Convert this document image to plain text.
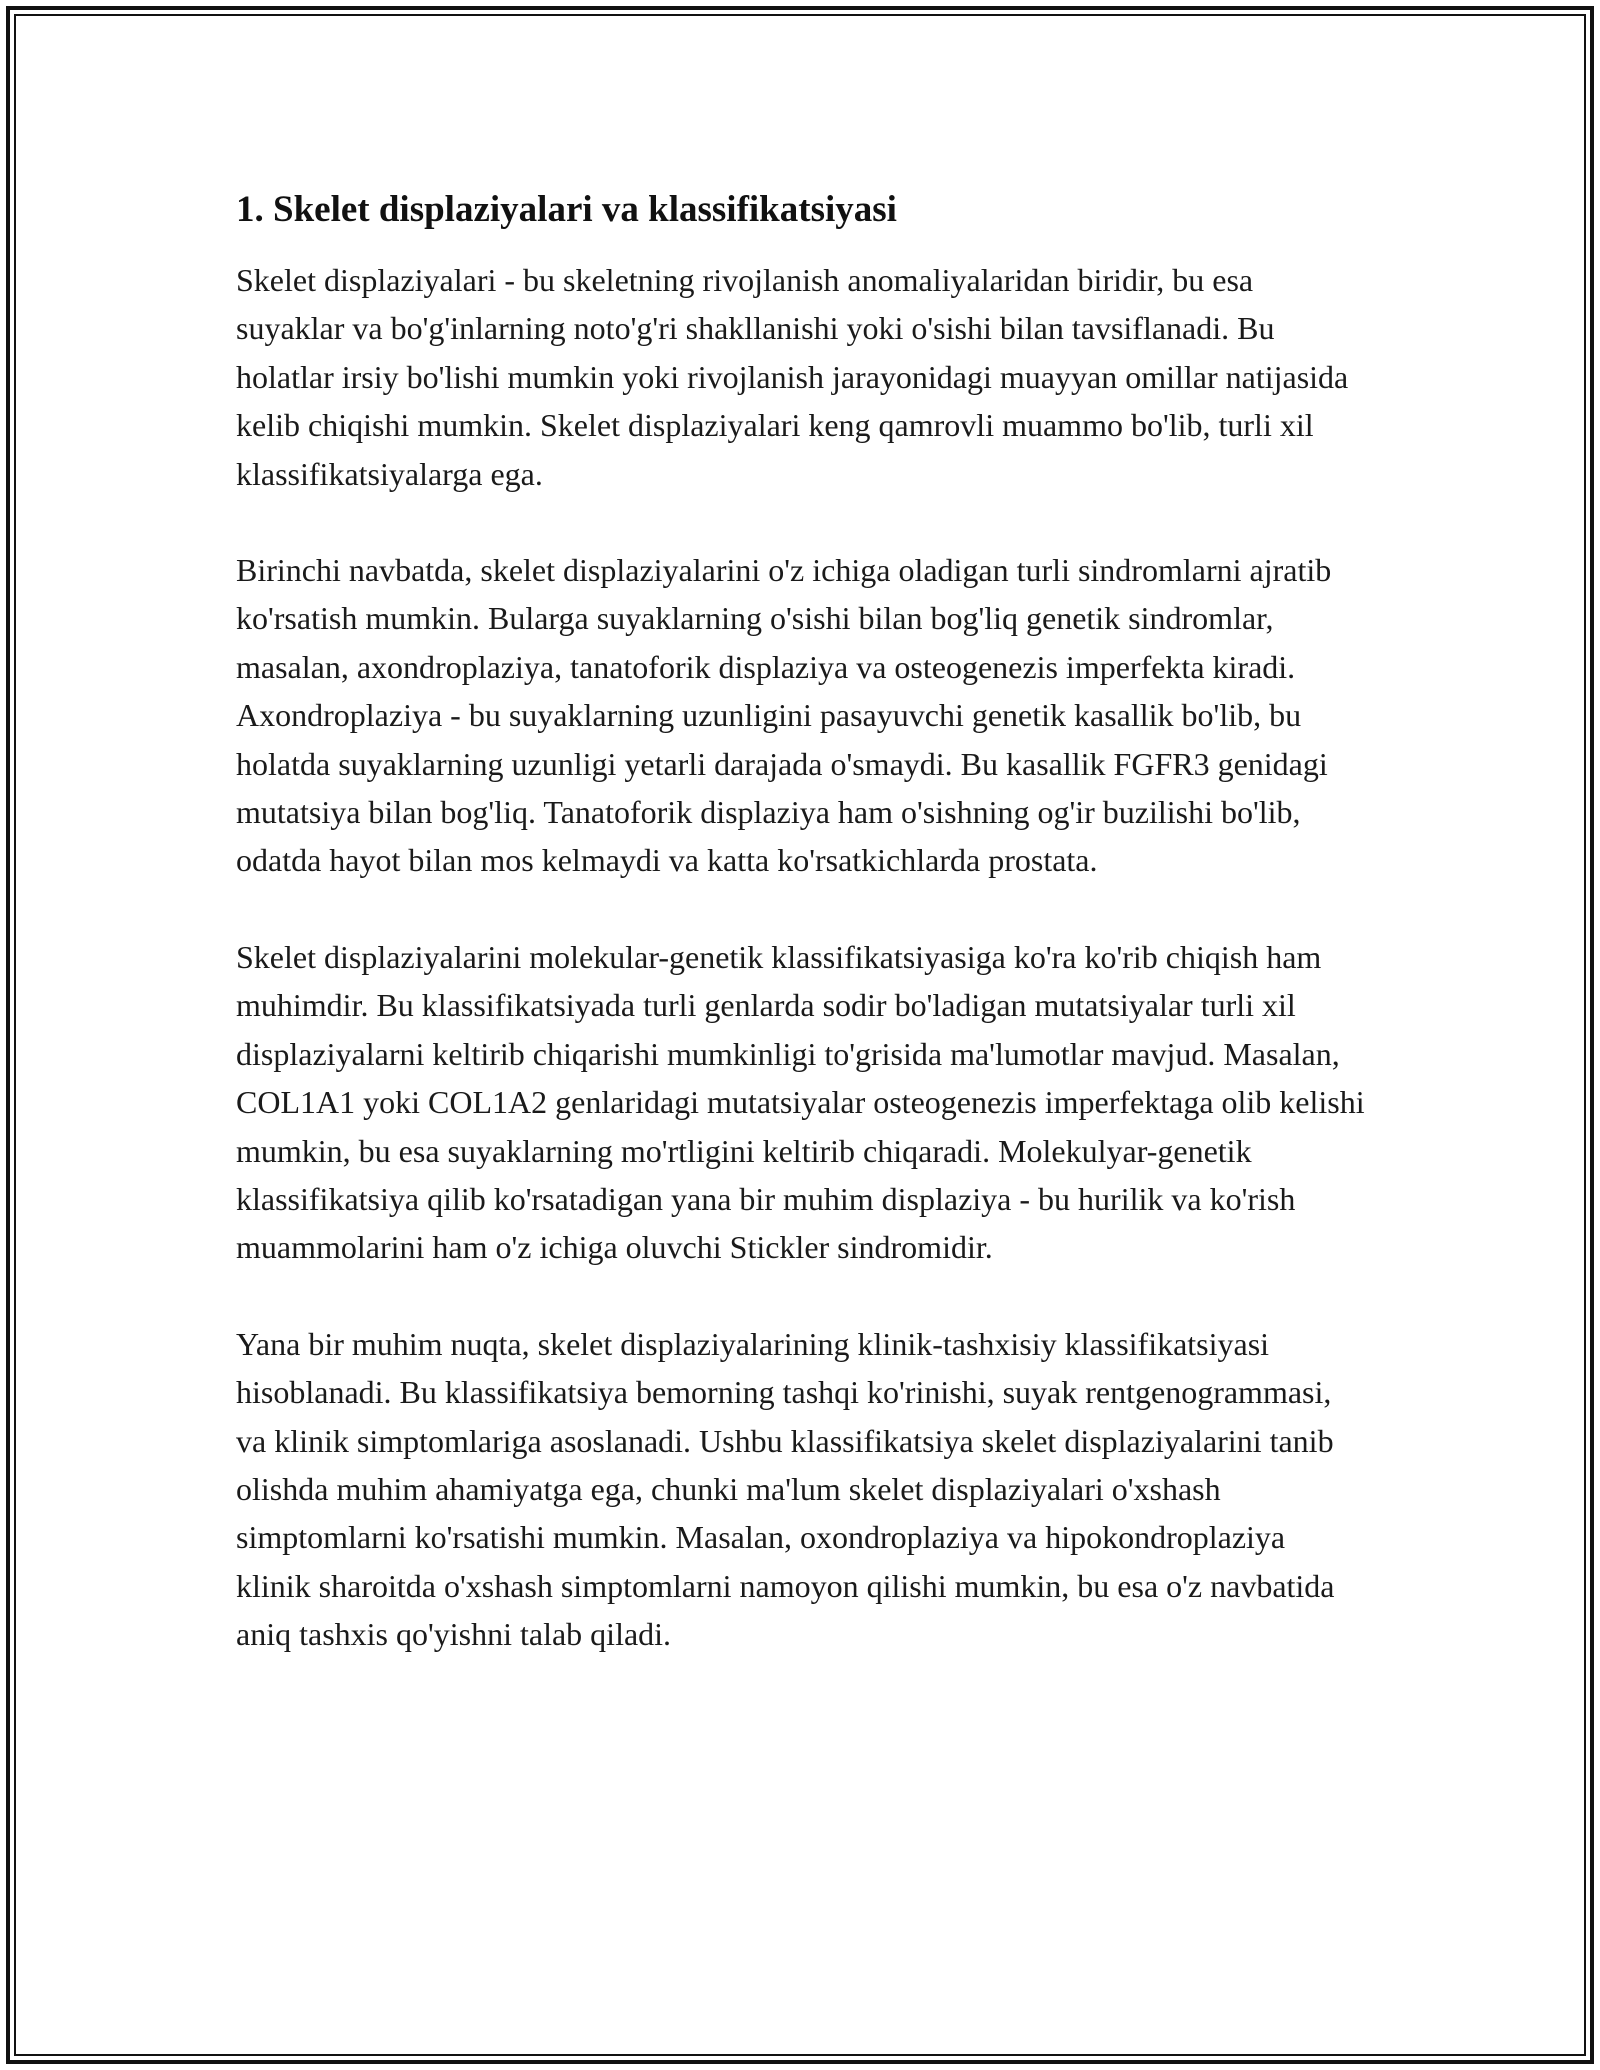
1. Skelet displaziyalari va klassifikatsiyasi

Skelet displaziyalari - bu skeletning rivojlanish anomaliyalaridan biridir, bu esa suyaklar va bo'g'inlarning noto'g'ri shakllanishi yoki o'sishi bilan tavsiflanadi. Bu holatlar irsiy bo'lishi mumkin yoki rivojlanish jarayonidagi muayyan omillar natijasida kelib chiqishi mumkin. Skelet displaziyalari keng qamrovli muammo bo'lib, turli xil klassifikatsiyalarga ega.

Birinchi navbatda, skelet displaziyalarini o'z ichiga oladigan turli sindromlarni ajratib ko'rsatish mumkin. Bularga suyaklarning o'sishi bilan bog'liq genetik sindromlar, masalan, axondroplaziya, tanatoforik displaziya va osteogenezis imperfekta kiradi. Axondroplaziya - bu suyaklarning uzunligini pasayuvchi genetik kasallik bo'lib, bu holatda suyaklarning uzunligi yetarli darajada o'smaydi. Bu kasallik FGFR3 genidagi mutatsiya bilan bog'liq. Tanatoforik displaziya ham o'sishning og'ir buzilishi bo'lib, odatda hayot bilan mos kelmaydi va katta ko'rsatkichlarda prostata.

Skelet displaziyalarini molekular-genetik klassifikatsiyasiga ko'ra ko'rib chiqish ham muhimdir. Bu klassifikatsiyada turli genlarda sodir bo'ladigan mutatsiyalar turli xil displaziyalarni keltirib chiqarishi mumkinligi to'grisida ma'lumotlar mavjud. Masalan, COL1A1 yoki COL1A2 genlaridagi mutatsiyalar osteogenezis imperfektaga olib kelishi mumkin, bu esa suyaklarning mo'rtligini keltirib chiqaradi. Molekulyar-genetik klassifikatsiya qilib ko'rsatadigan yana bir muhim displaziya - bu hurilik va ko'rish muammolarini ham o'z ichiga oluvchi Stickler sindromidir.

Yana bir muhim nuqta, skelet displaziyalarining klinik-tashxisiy klassifikatsiyasi hisoblanadi. Bu klassifikatsiya bemorning tashqi ko'rinishi, suyak rentgenogrammasi, va klinik simptomlariga asoslanadi. Ushbu klassifikatsiya skelet displaziyalarini tanib olishda muhim ahamiyatga ega, chunki ma'lum skelet displaziyalari o'xshash simptomlarni ko'rsatishi mumkin. Masalan, oxondroplaziya va hipokondroplaziya klinik sharoitda o'xshash simptomlarni namoyon qilishi mumkin, bu esa o'z navbatida aniq tashxis qo'yishni talab qiladi.
